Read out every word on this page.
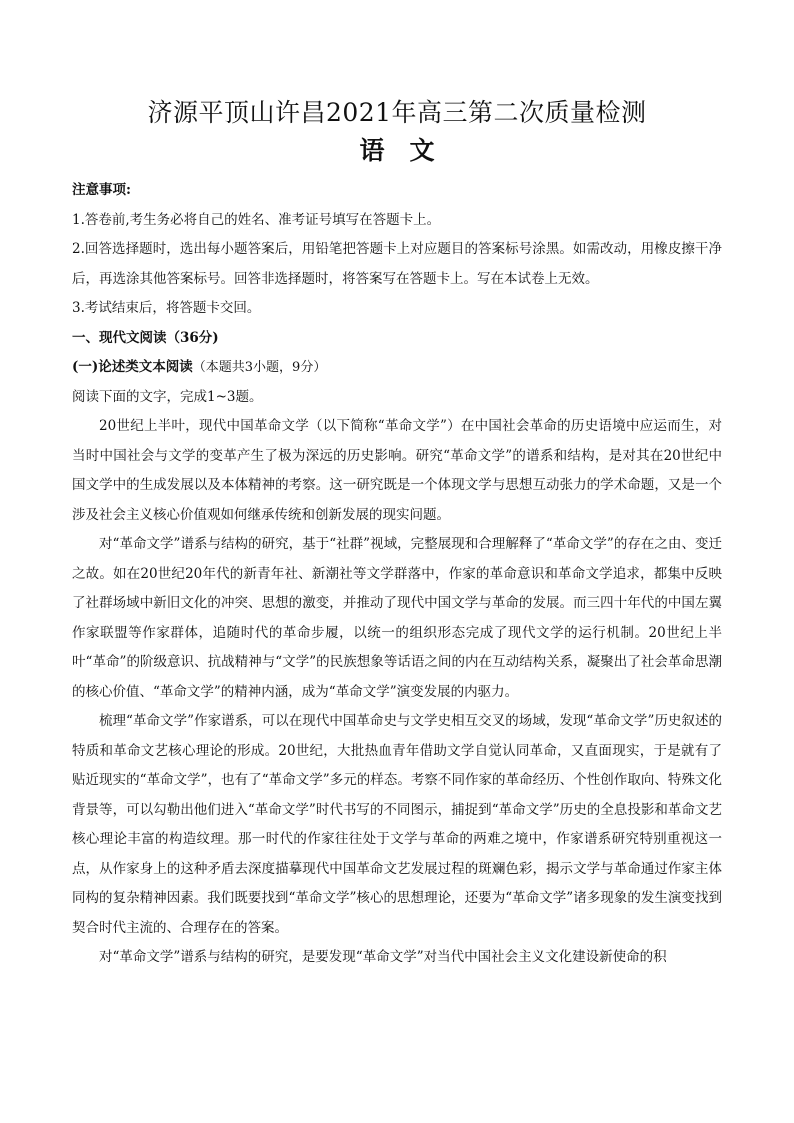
济源平顶山许昌2021年高三第二次质量检测
语　文

注意事项:

1.答卷前,考生务必将自己的姓名、准考证号填写在答题卡上。

2.回答选择题时，选出每小题答案后，用铅笔把答题卡上对应题目的答案标号涂黑。如需改动，用橡皮擦干净后，再选涂其他答案标号。回答非选择题时，将答案写在答题卡上。写在本试卷上无效。

3.考试结束后，将答题卡交回。

一、现代文阅读（36分)

(一)论述类文本阅读（本题共3小题，9分）

阅读下面的文字，完成1~3题。

20世纪上半叶，现代中国革命文学（以下简称“革命文学”）在中国社会革命的历史语境中应运而生，对当时中国社会与文学的变革产生了极为深远的历史影响。研究“革命文学”的谱系和结构，是对其在20世纪中国文学中的生成发展以及本体精神的考察。这一研究既是一个体现文学与思想互动张力的学术命题，又是一个涉及社会主义核心价值观如何继承传统和创新发展的现实问题。

对“革命文学”谱系与结构的研究，基于“社群”视域，完整展现和合理解释了“革命文学”的存在之由、变迁之故。如在20世纪20年代的新青年社、新潮社等文学群落中，作家的革命意识和革命文学追求，都集中反映了社群场域中新旧文化的冲突、思想的激变，并推动了现代中国文学与革命的发展。而三四十年代的中国左翼作家联盟等作家群体，追随时代的革命步履，以统一的组织形态完成了现代文学的运行机制。20世纪上半叶“革命”的阶级意识、抗战精神与“文学”的民族想象等话语之间的内在互动结构关系，凝聚出了社会革命思潮的核心价值、“革命文学”的精神内涵，成为“革命文学”演变发展的内驱力。

梳理“革命文学”作家谱系，可以在现代中国革命史与文学史相互交叉的场域，发现“革命文学”历史叙述的特质和革命文艺核心理论的形成。20世纪，大批热血青年借助文学自觉认同革命，又直面现实，于是就有了贴近现实的“革命文学”，也有了“革命文学”多元的样态。考察不同作家的革命经历、个性创作取向、特殊文化背景等，可以勾勒出他们进入“革命文学”时代书写的不同图示，捕捉到“革命文学”历史的全息投影和革命文艺核心理论丰富的构造纹理。那一时代的作家往往处于文学与革命的两难之境中，作家谱系研究特别重视这一点，从作家身上的这种矛盾去深度描摹现代中国革命文艺发展过程的斑斓色彩，揭示文学与革命通过作家主体同构的复杂精神因素。我们既要找到“革命文学”核心的思想理论，还要为“革命文学”诸多现象的发生演变找到契合时代主流的、合理存在的答案。

对“革命文学”谱系与结构的研究，是要发现“革命文学”对当代中国社会主义文化建设新使命的积
